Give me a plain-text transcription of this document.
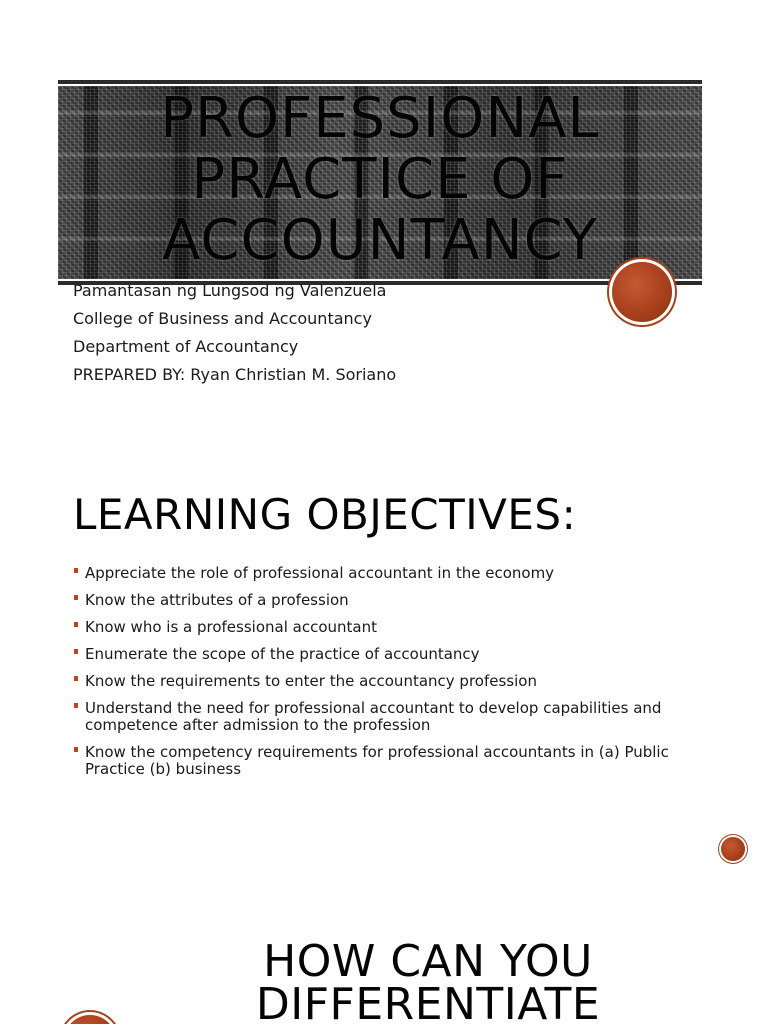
PROFESSIONAL PRACTICE OF ACCOUNTANCY
Pamantasan ng Lungsod ng Valenzuela
College of Business and Accountancy
Department of Accountancy
PREPARED BY: Ryan Christian M. Soriano
LEARNING OBJECTIVES:
Appreciate the role of professional accountant in the economy
Know the attributes of a profession
Know who is a professional accountant
Enumerate the scope of the practice of accountancy
Know the requirements to enter the accountancy profession
Understand the need for professional accountant to develop capabilities and competence after admission to the profession
Know the competency requirements for professional accountants in (a) Public Practice (b) business
HOW CAN YOU DIFFERENTIATE
